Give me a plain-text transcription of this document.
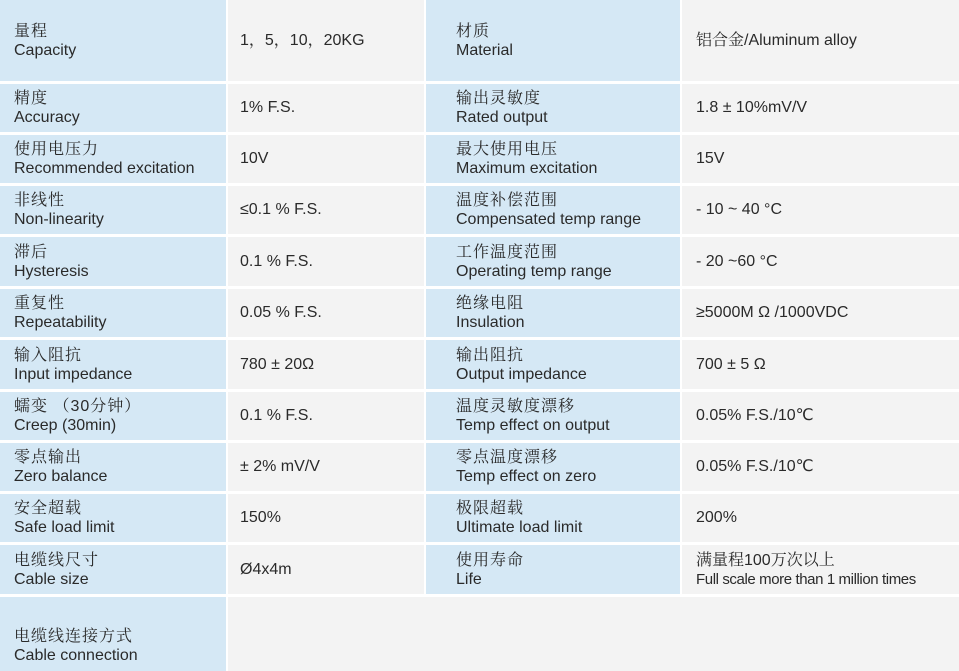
量程
Capacity
1，5，10，20KG
材质
Material
铝合金/Aluminum alloy
精度
Accuracy
1% F.S.
输出灵敏度
Rated output
1.8 ± 10%mV/V
使用电压力
Recommended excitation
10V
最大使用电压
Maximum excitation
15V
非线性
Non-linearity
≤0.1 % F.S.
温度补偿范围
Compensated temp range
- 10 ~ 40 °C
滞后
Hysteresis
0.1 % F.S.
工作温度范围
Operating temp range
- 20 ~60 °C
重复性
Repeatability
0.05 % F.S.
绝缘电阻
Insulation
≥5000M Ω /1000VDC
输入阻抗
Input impedance
780 ± 20Ω
输出阻抗
Output impedance
700 ± 5 Ω
蠕变 （30分钟）
Creep (30min)
0.1 % F.S.
温度灵敏度漂移
Temp effect on output
0.05% F.S./10℃
零点输出
Zero balance
± 2% mV/V
零点温度漂移
Temp effect on zero
0.05% F.S./10℃
安全超载
Safe load limit
150%
极限超载
Ultimate load limit
200%
电缆线尺寸
Cable size
Ø4x4m
使用寿命
Life
满量程100万次以上
Full scale more than 1 million times
电缆线连接方式
Cable connection
